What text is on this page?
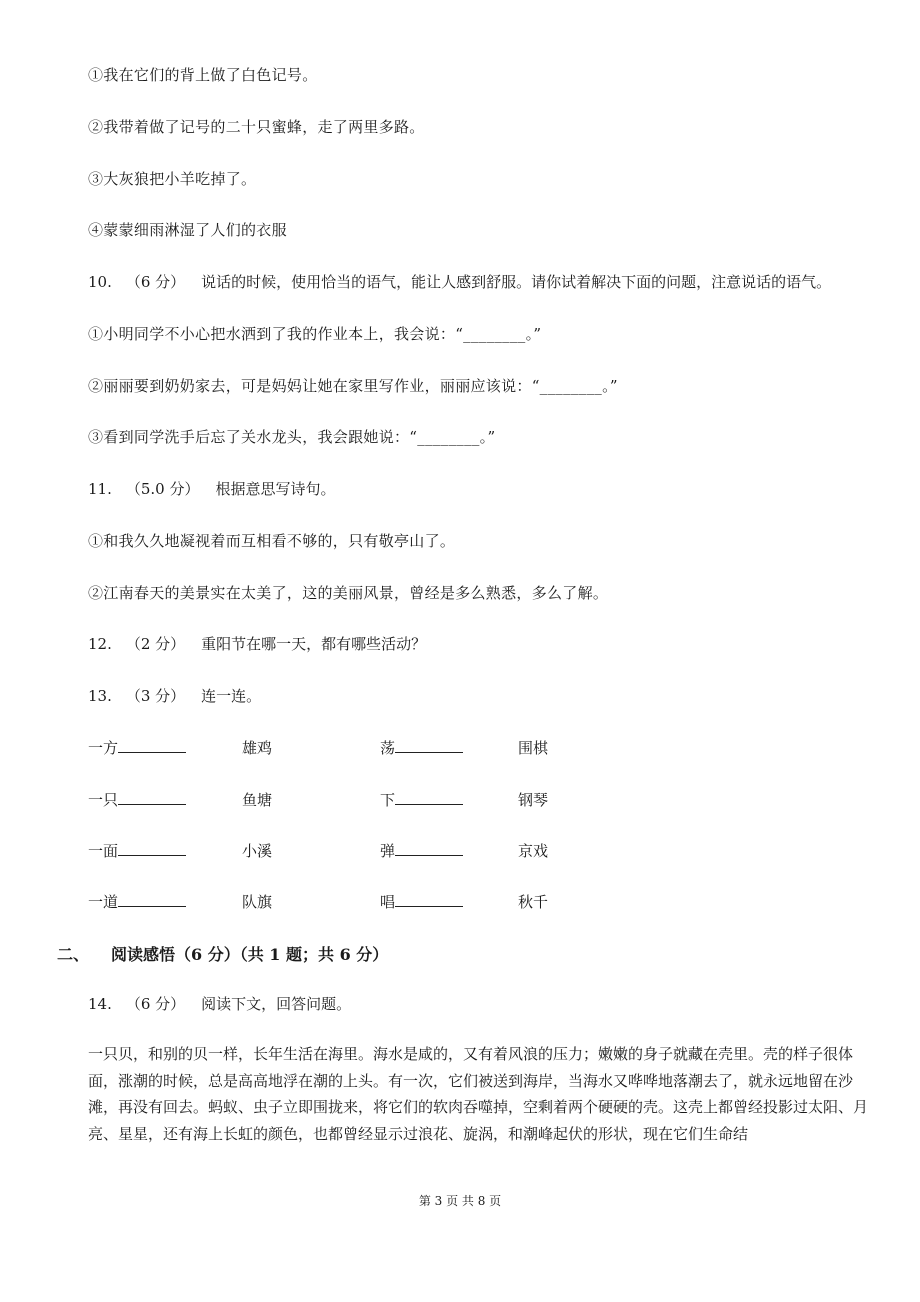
①我在它们的背上做了白色记号。
②我带着做了记号的二十只蜜蜂，走了两里多路。
③大灰狼把小羊吃掉了。
④蒙蒙细雨淋湿了人们的衣服
10. （6 分） 说话的时候，使用恰当的语气，能让人感到舒服。请你试着解决下面的问题，注意说话的语气。
①小明同学不小心把水洒到了我的作业本上，我会说：“________。”
②丽丽要到奶奶家去，可是妈妈让她在家里写作业，丽丽应该说：“________。”
③看到同学洗手后忘了关水龙头，我会跟她说：“________。”
11. （5.0 分） 根据意思写诗句。
①和我久久地凝视着而互相看不够的，只有敬亭山了。
②江南春天的美景实在太美了，这的美丽风景，曾经是多么熟悉，多么了解。
12. （2 分） 重阳节在哪一天，都有哪些活动？
13. （3 分） 连一连。
一方	雄鸡	荡	围棋
一只	鱼塘	下	钢琴
一面	小溪	弹	京戏
一道	队旗	唱	秋千
二、 阅读感悟（6 分）（共 1 题；共 6 分）
14. （6 分） 阅读下文，回答问题。
一只贝，和别的贝一样，长年生活在海里。海水是咸的，又有着风浪的压力；嫩嫩的身子就藏在壳里。壳的样子很体面，涨潮的时候，总是高高地浮在潮的上头。有一次，它们被送到海岸，当海水又哗哗地落潮去了，就永远地留在沙滩，再没有回去。蚂蚁、虫子立即围拢来，将它们的软肉吞噬掉，空剩着两个硬硬的壳。这壳上都曾经投影过太阳、月亮、星星，还有海上长虹的颜色，也都曾经显示过浪花、旋涡，和潮峰起伏的形状，现在它们生命结
第 3 页 共 8 页
